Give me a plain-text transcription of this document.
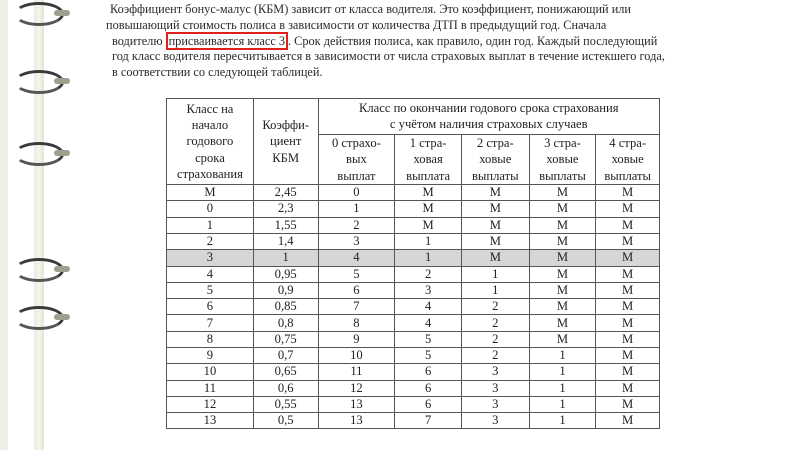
Коэффициент бонус-малус (КБМ) зависит от класса водителя. Это коэффициент, понижающий или
повышающий стоимость полиса в зависимости от количества ДТП в предыдущий год. Сначала
водителю присваивается класс 3 . Срок действия полиса, как правило, один год. Каждый последующий
год класс водителя пересчитывается в зависимости от числа страховых выплат в течение истекшего года,
в соответствии со следующей таблицей.
Класс на начало годового срока страхования	Коэффи-циент КБМ	Класс по окончании годового срока страхования с учётом наличия страховых случаев				
		0 страхо-вых выплат	1 стра-ховая выплата	2 стра-ховые выплаты	3 стра-ховые выплаты	4 стра-ховые выплаты
М	2,45	0	М	М	М	М
0	2,3	1	М	М	М	М
1	1,55	2	М	М	М	М
2	1,4	3	1	М	М	М
3	1	4	1	М	М	М
4	0,95	5	2	1	М	М
5	0,9	6	3	1	М	М
6	0,85	7	4	2	М	М
7	0,8	8	4	2	М	М
8	0,75	9	5	2	М	М
9	0,7	10	5	2	1	М
10	0,65	11	6	3	1	М
11	0,6	12	6	3	1	М
12	0,55	13	6	3	1	М
13	0,5	13	7	3	1	М
